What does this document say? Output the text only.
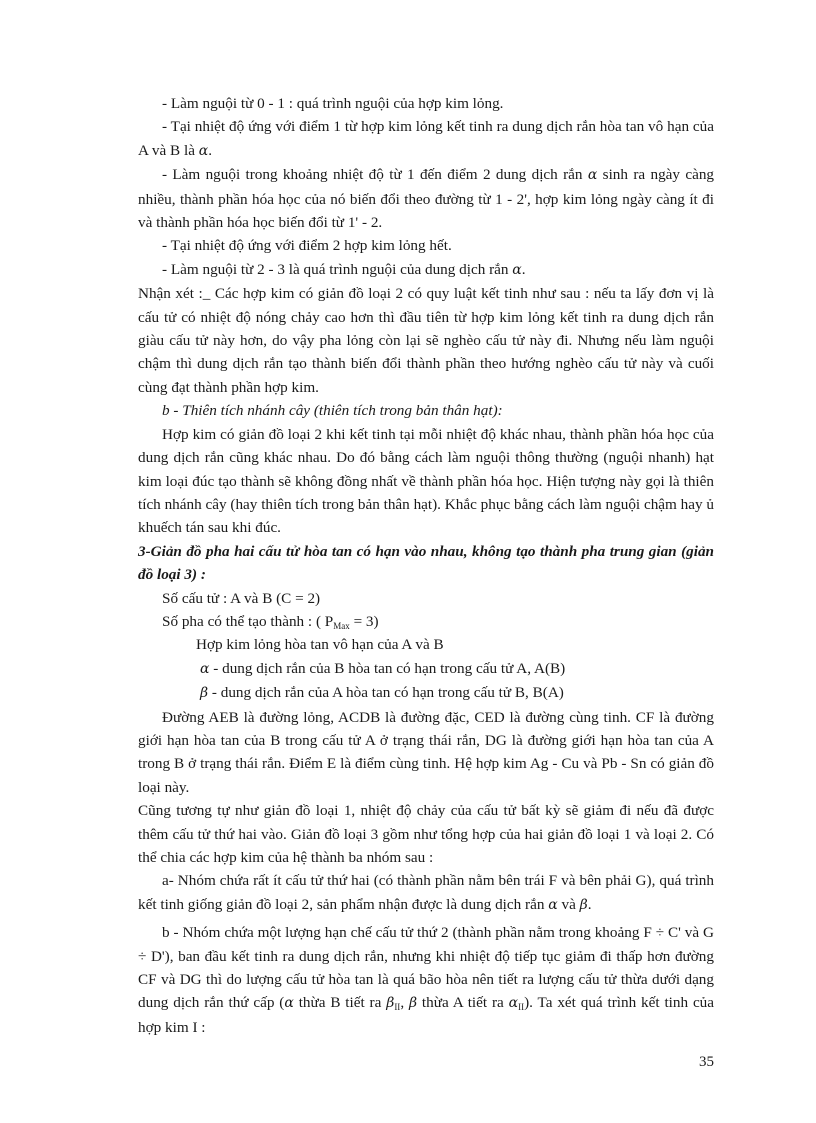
- Làm nguội từ 0 - 1 : quá trình nguội của hợp kim lỏng.

- Tại nhiệt độ ứng với điểm 1 từ hợp kim lỏng kết tinh ra dung dịch rắn hòa tan vô hạn của A và B là α.

- Làm nguội trong khoảng nhiệt độ từ 1 đến điểm 2 dung dịch rắn α sinh ra ngày càng nhiều, thành phần hóa học của nó biến đổi theo đường từ 1 - 2', hợp kim lỏng ngày càng ít đi và thành phần hóa học biến đổi từ 1' - 2.

- Tại nhiệt độ ứng với điểm 2 hợp kim lỏng hết.

- Làm nguội từ 2 - 3 là quá trình nguội của dung dịch rắn α.

Nhận xét :_ Các hợp kim có giản đồ loại 2 có quy luật kết tinh như sau : nếu ta lấy đơn vị là cấu tử có nhiệt độ nóng chảy cao hơn thì đầu tiên từ hợp kim lỏng kết tinh ra dung dịch rắn giàu cấu tử này hơn, do vậy pha lỏng còn lại sẽ nghèo cấu tử này đi. Nhưng nếu làm nguội chậm thì dung dịch rắn tạo thành biến đổi thành phần theo hướng nghèo cấu tử này và cuối cùng đạt thành phần hợp kim.

b - Thiên tích nhánh cây (thiên tích trong bản thân hạt):

Hợp kim có giản đồ loại 2 khi kết tinh tại mỗi nhiệt độ khác nhau, thành phần hóa học của dung dịch rắn cũng khác nhau. Do đó bằng cách làm nguội thông thường (nguội nhanh) hạt kim loại đúc tạo thành sẽ không đồng nhất về thành phần hóa học. Hiện tượng này gọi là thiên tích nhánh cây (hay thiên tích trong bản thân hạt). Khắc phục bằng cách làm nguội chậm hay ủ khuếch tán sau khi đúc.

3-Giản đồ pha hai cấu tử hòa tan có hạn vào nhau, không tạo thành pha trung gian (giản đồ loại 3) :

Số cấu tử : A và B (C = 2)

Số pha có thể tạo thành : ( $P_{Max} = 3$)

Hợp kim lỏng hòa tan vô hạn của A và B

α - dung dịch rắn của B hòa tan có hạn trong cấu tử A, A(B)

β - dung dịch rắn của A hòa tan có hạn trong cấu tử B, B(A)

Đường AEB là đường lỏng, ACDB là đường đặc, CED là đường cùng tinh. CF là đường giới hạn hòa tan của B trong cấu tử A ở trạng thái rắn, DG là đường giới hạn hòa tan của A trong B ở trạng thái rắn. Điểm E là điểm cùng tinh. Hệ hợp kim Ag - Cu và Pb - Sn có giản đồ loại này.

Cũng tương tự như giản đồ loại 1, nhiệt độ chảy của cấu tử bất kỳ sẽ giảm đi nếu đã được thêm cấu tử thứ hai vào. Giản đồ loại 3 gồm như tổng hợp của hai giản đồ loại 1 và loại 2. Có thể chia các hợp kim của hệ thành ba nhóm sau :

a- Nhóm chứa rất ít cấu tử thứ hai (có thành phần nằm bên trái F và bên phải G), quá trình kết tinh giống giản đồ loại 2, sản phẩm nhận được là dung dịch rắn α và β.

b - Nhóm chứa một lượng hạn chế cấu tử thứ 2 (thành phần nằm trong khoảng F ÷ C' và G ÷ D'), ban đầu kết tinh ra dung dịch rắn, nhưng khi nhiệt độ tiếp tục giảm đi thấp hơn đường CF và DG thì do lượng cấu tử hòa tan là quá bão hòa nên tiết ra lượng cấu tử thừa dưới dạng dung dịch rắn thứ cấp (α thừa B tiết ra $\beta_{II}$, β thừa A tiết ra $\alpha_{II}$). Ta xét quá trình kết tinh của hợp kim I :

35
